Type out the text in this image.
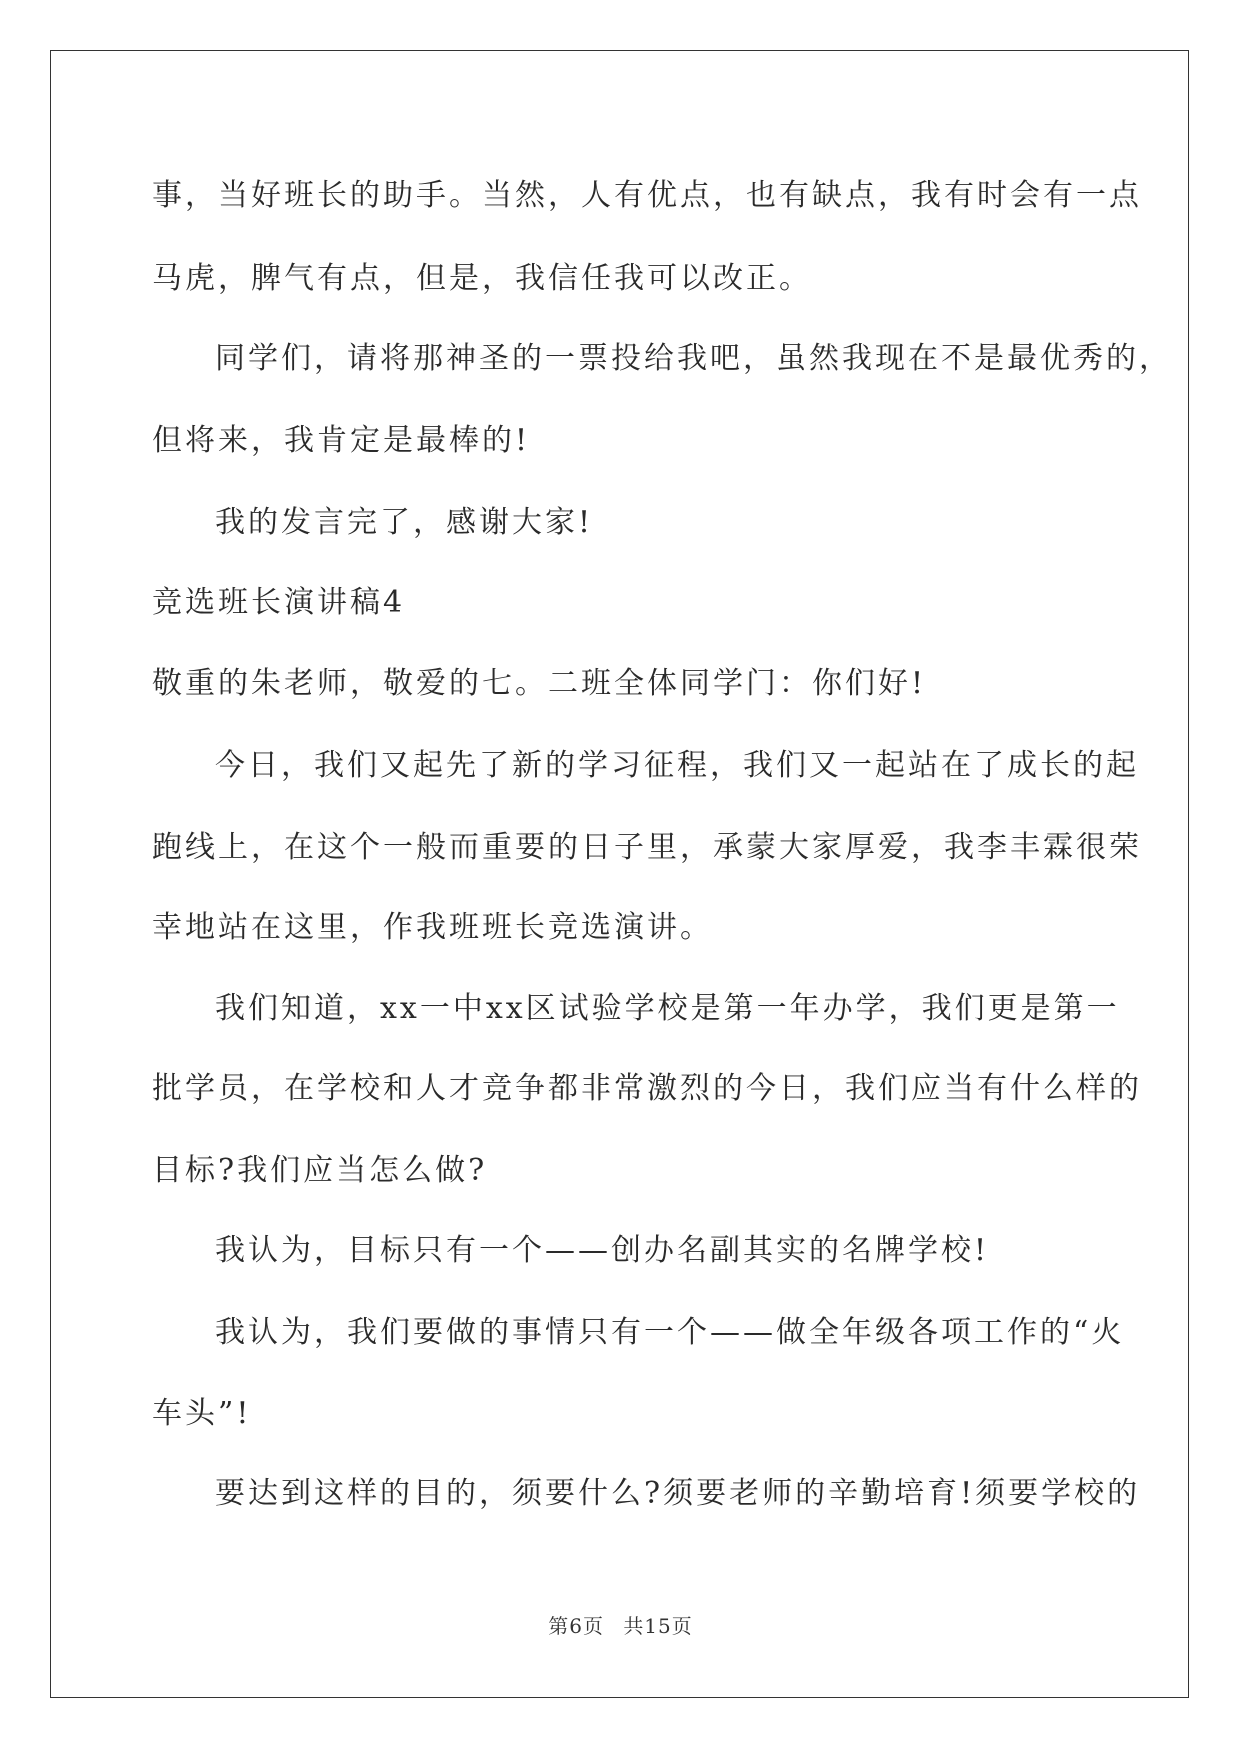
事，当好班长的助手。当然，人有优点，也有缺点，我有时会有一点
马虎，脾气有点，但是，我信任我可以改正。
同学们，请将那神圣的一票投给我吧，虽然我现在不是最优秀的，
但将来，我肯定是最棒的!
我的发言完了，感谢大家!
竞选班长演讲稿4
敬重的朱老师，敬爱的七。二班全体同学门：你们好!
今日，我们又起先了新的学习征程，我们又一起站在了成长的起
跑线上，在这个一般而重要的日子里，承蒙大家厚爱，我李丰霖很荣
幸地站在这里，作我班班长竞选演讲。
我们知道，xx一中xx区试验学校是第一年办学，我们更是第一
批学员，在学校和人才竞争都非常激烈的今日，我们应当有什么样的
目标?我们应当怎么做?
我认为，目标只有一个——创办名副其实的名牌学校!
我认为，我们要做的事情只有一个——做全年级各项工作的“火
车头”!
要达到这样的目的，须要什么?须要老师的辛勤培育!须要学校的
第6页 共15页
